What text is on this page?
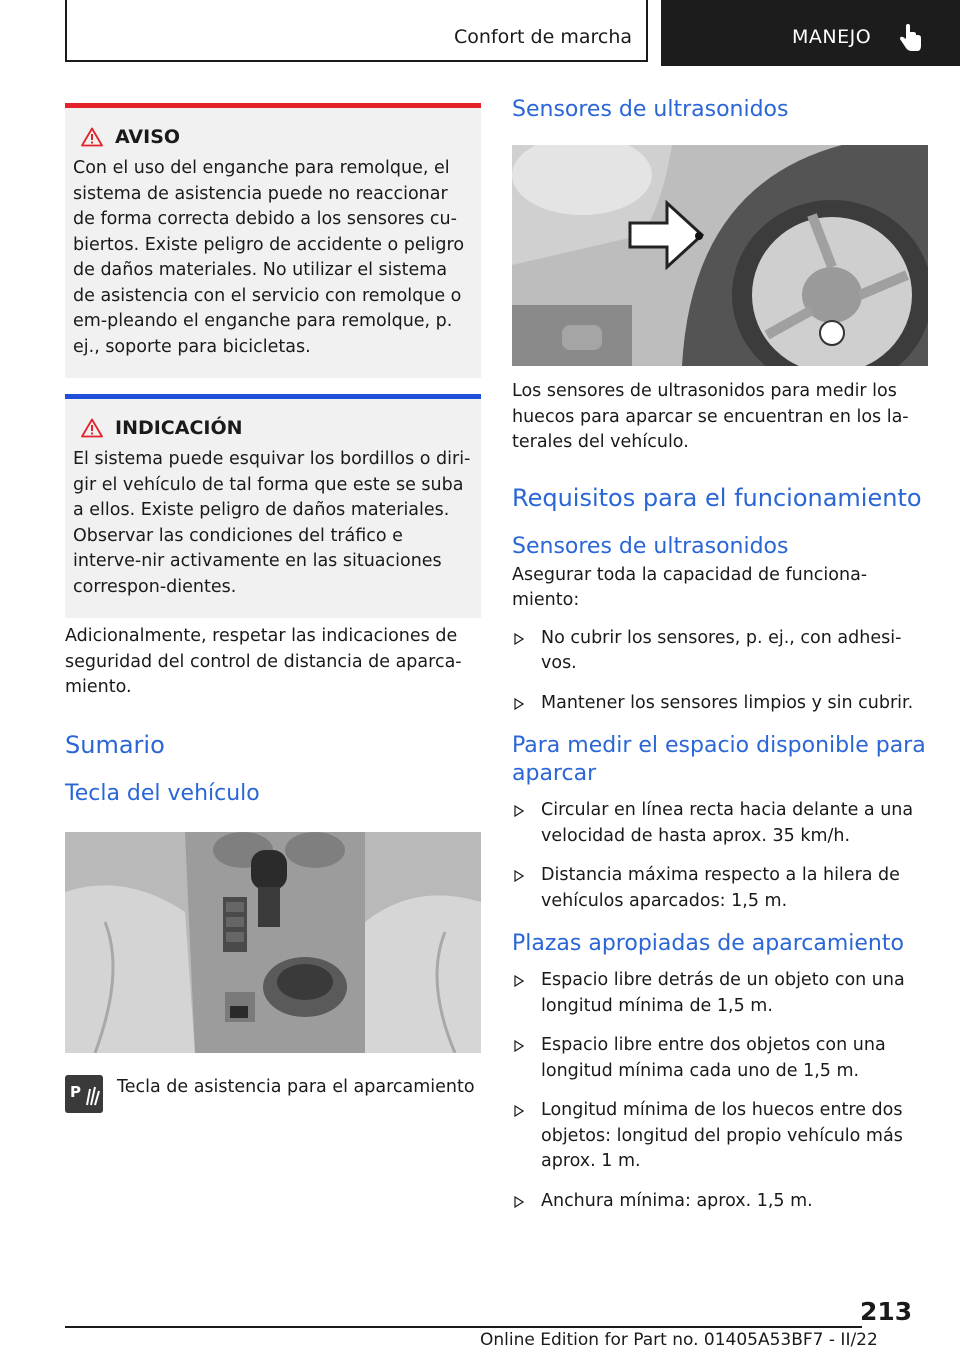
Confort de marcha	MANEJO
AVISO

Con el uso del enganche para remolque, el sistema de asistencia puede no reaccionar de forma correcta debido a los sensores cu-biertos. Existe peligro de accidente o peligro de daños materiales. No utilizar el sistema de asistencia con el servicio con remolque o em-pleando el enganche para remolque, p. ej., soporte para bicicletas.

INDICACIÓN

El sistema puede esquivar los bordillos o diri-gir el vehículo de tal forma que este se suba a ellos. Existe peligro de daños materiales. Observar las condiciones del tráfico e interve-nir activamente en las situaciones correspon-dientes.

Adicionalmente, respetar las indicaciones de seguridad del control de distancia de aparca-miento.

Sumario
Tecla del vehículo
P Tecla de asistencia para el aparcamiento
Sensores de ultrasonidos

Los sensores de ultrasonidos para medir los huecos para aparcar se encuentran en los la-terales del vehículo.

Requisitos para el funcionamiento
Sensores de ultrasonidos

Asegurar toda la capacidad de funciona-miento:

No cubrir los sensores, p. ej., con adhesi-vos.
Mantener los sensores limpios y sin cubrir.
Para medir el espacio disponible para aparcar
Circular en línea recta hacia delante a una velocidad de hasta aprox. 35 km/h.
Distancia máxima respecto a la hilera de vehículos aparcados: 1,5 m.
Plazas apropiadas de aparcamiento
Espacio libre detrás de un objeto con una longitud mínima de 1,5 m.
Espacio libre entre dos objetos con una longitud mínima cada uno de 1,5 m.
Longitud mínima de los huecos entre dos objetos: longitud del propio vehículo más aprox. 1 m.
Anchura mínima: aprox. 1,5 m.
213
Online Edition for Part no. 01405A53BF7 - II/22
